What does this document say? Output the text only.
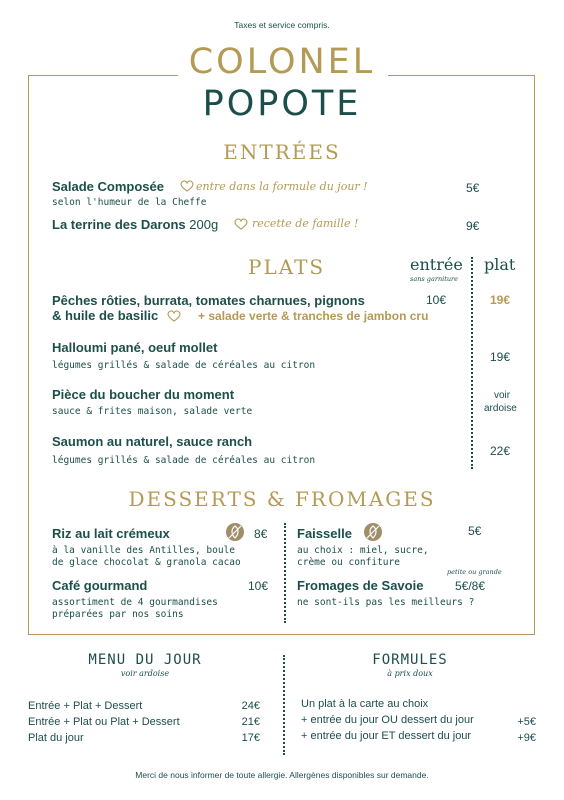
Taxes et service compris.
COLONEL
POPOTE
ENTRÉES
Salade Composée	entre dans la formule du jour !
selon l'humeur de la Cheffe
5€
La terrine des Darons 200g	recette de famille !	9€
PLATS	entrée
sans garniture
plat
Pêches rôties, burrata, tomates charnues, pignons
& huile de basilic	+ salade verte & tranches de jambon cru
10€	19€
Halloumi pané, oeuf mollet
légumes grillés & salade de céréales au citron
19€
Pièce du boucher du moment
sauce & frites maison, salade verte
voir
ardoise
Saumon au naturel, sauce ranch
légumes grillés & salade de céréales au citron
22€
DESSERTS & FROMAGES
Riz au lait crémeux	8€
à la vanille des Antilles, boule
de glace chocolat & granola cacao
Café gourmand	10€
assortiment de 4 gourmandises
préparées par nos soins
Faisselle	5€
au choix : miel, sucre,
crème ou confiture
petite ou grande
Fromages de Savoie	5€/8€
ne sont-ils pas les meilleurs ?
MENU DU JOUR
voir ardoise
FORMULES
à prix doux
Entrée + Plat + Dessert	24€
Entrée + Plat ou Plat + Dessert	21€
Plat du jour	17€
Un plat à la carte au choix
+ entrée du jour OU dessert du jour	+5€
+ entrée du jour ET dessert du jour	+9€
Merci de nous informer de toute allergie. Allergènes disponibles sur demande.
